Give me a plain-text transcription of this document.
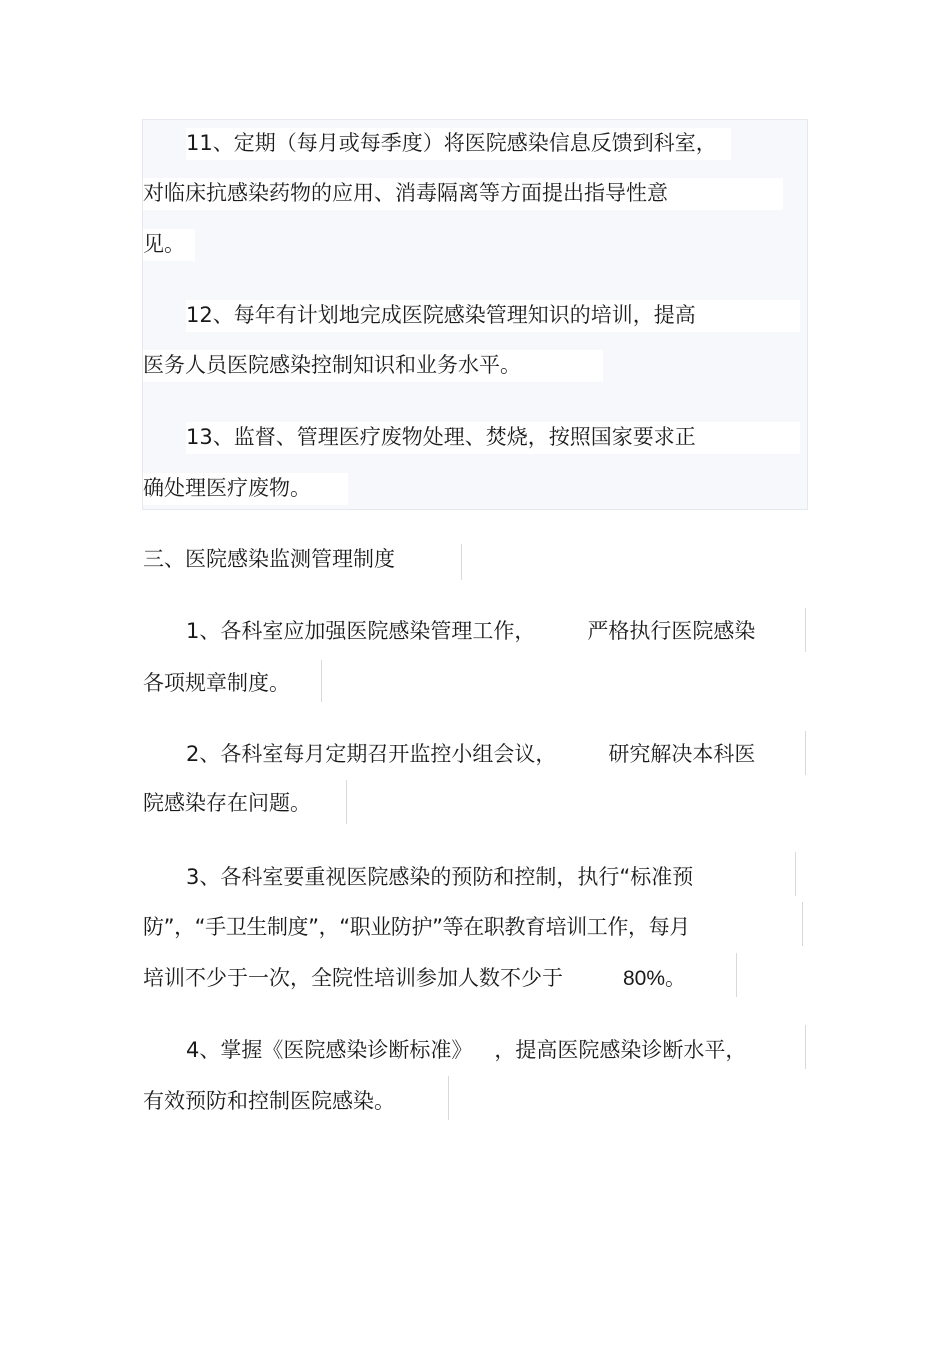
11、定期（每月或每季度）将医院感染信息反馈到科室，
对临床抗感染药物的应用、消毒隔离等方面提出指导性意
见。
12、每年有计划地完成医院感染管理知识的培训，提高
医务人员医院感染控制知识和业务水平。
13、监督、管理医疗废物处理、焚烧，按照国家要求正
确处理医疗废物。
三、医院感染监测管理制度
1、各科室应加强医院感染管理工作， 严格执行医院感染
各项规章制度。
2、各科室每月定期召开监控小组会议， 研究解决本科医
院感染存在问题。
3、各科室要重视医院感染的预防和控制，执行“标准预
防”，“手卫生制度”，“职业防护”等在职教育培训工作，每月
培训不少于一次，全院性培训参加人数不少于	80%。
4、掌握《医院感染诊断标准》 ，提高医院感染诊断水平，
有效预防和控制医院感染。
